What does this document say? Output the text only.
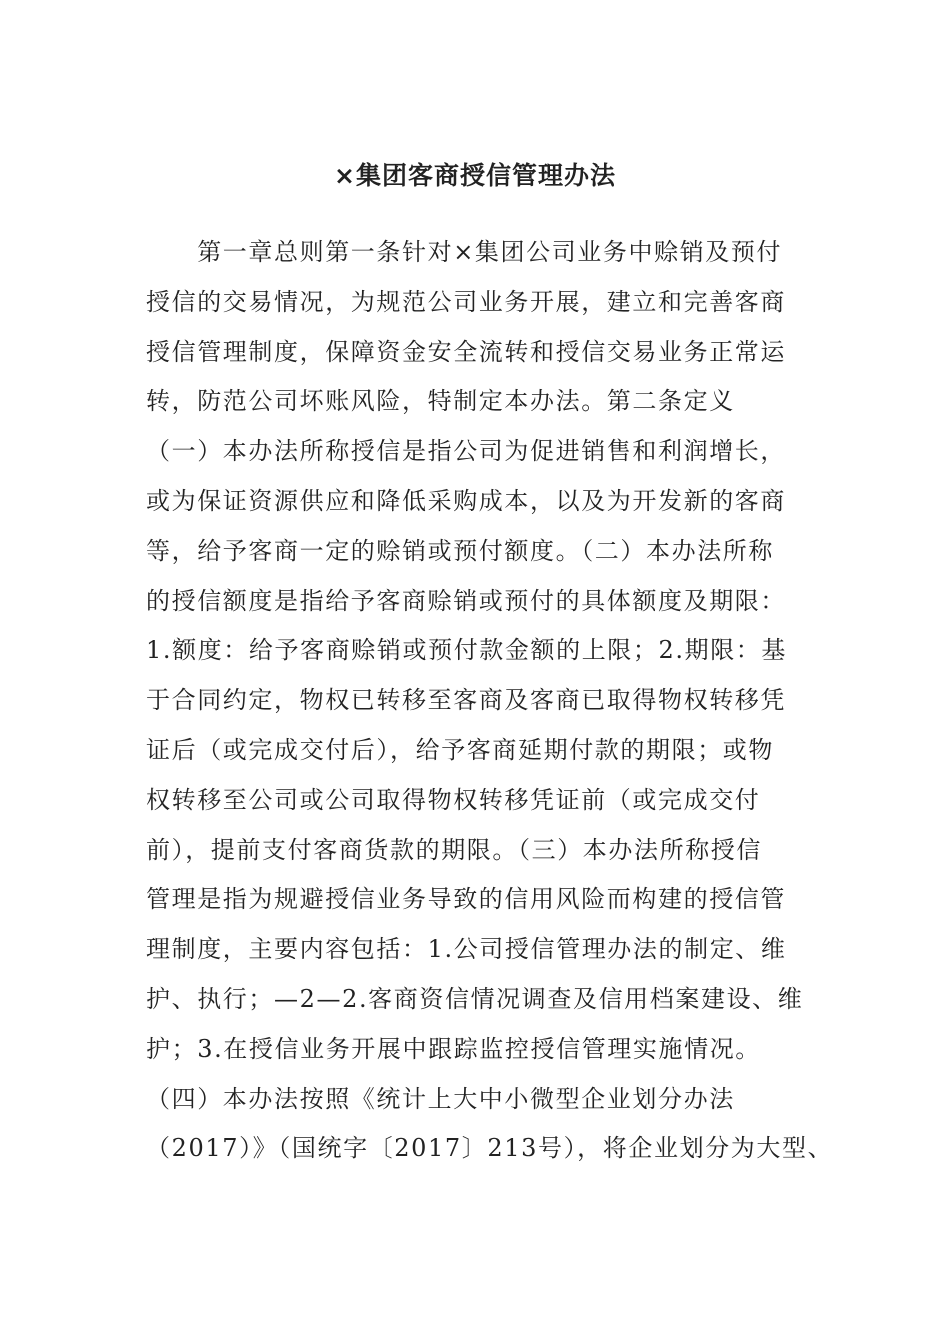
×集团客商授信管理办法
　　第一章总则第一条针对×集团公司业务中赊销及预付
授信的交易情况，为规范公司业务开展，建立和完善客商
授信管理制度，保障资金安全流转和授信交易业务正常运
转，防范公司坏账风险，特制定本办法。第二条定义
（一）本办法所称授信是指公司为促进销售和利润增长，
或为保证资源供应和降低采购成本，以及为开发新的客商
等，给予客商一定的赊销或预付额度。（二）本办法所称
的授信额度是指给予客商赊销或预付的具体额度及期限：
1.额度：给予客商赊销或预付款金额的上限；2.期限：基
于合同约定，物权已转移至客商及客商已取得物权转移凭
证后（或完成交付后），给予客商延期付款的期限；或物
权转移至公司或公司取得物权转移凭证前（或完成交付
前），提前支付客商货款的期限。（三）本办法所称授信
管理是指为规避授信业务导致的信用风险而构建的授信管
理制度，主要内容包括：1.公司授信管理办法的制定、维
护、执行；—2—2.客商资信情况调查及信用档案建设、维
护；3.在授信业务开展中跟踪监控授信管理实施情况。
（四）本办法按照《统计上大中小微型企业划分办法
（2017）》（国统字〔2017〕213号），将企业划分为大型、
